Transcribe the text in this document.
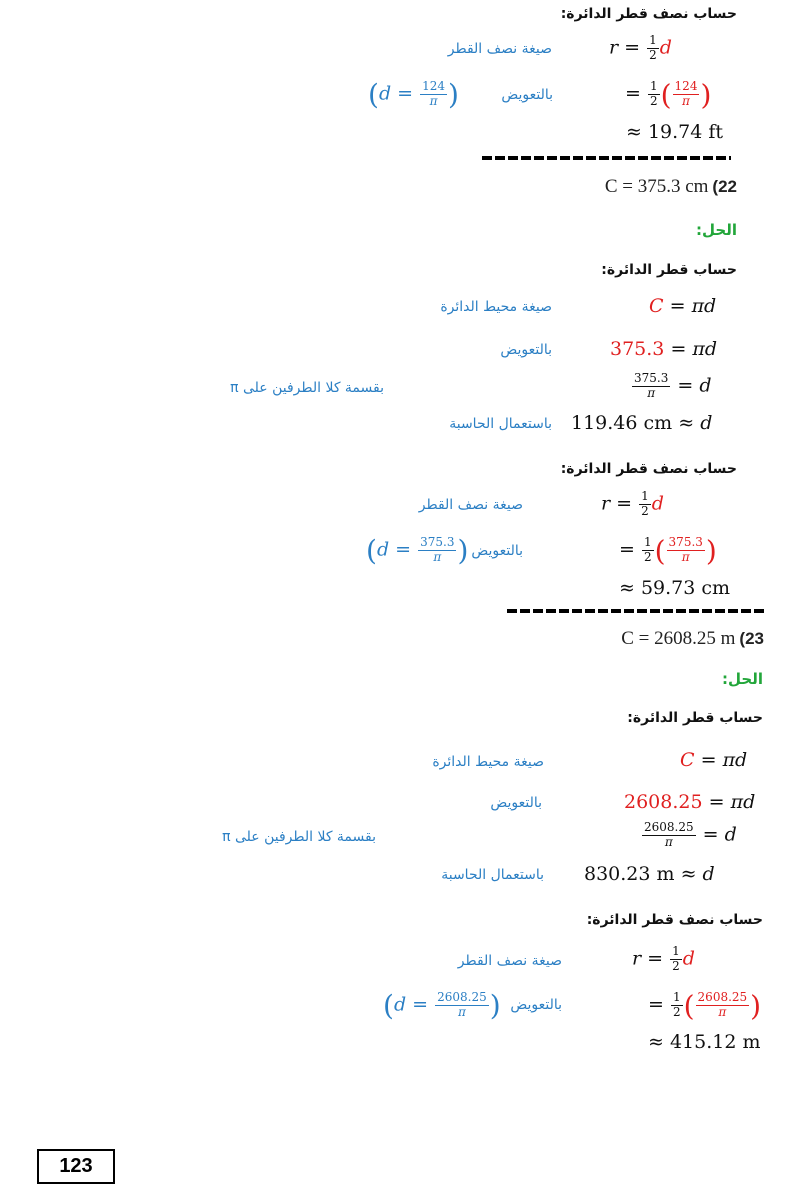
حساب نصف قطر الدائرة:
صيغة نصف القطر	$r = \frac{1}{2}$ d
($d = \frac{124}{\pi}$ )	بالتعويض	= $\frac{1}{2}$ ( $\frac{124}{\pi}$ )
≈ 19.74 ft
C = 375.3 cm (22
الحل:
حساب قطر الدائرة:
صيغة محيط الدائرة	C = πd
بالتعويض	375.3 = πd
بقسمة كلا الطرفين على π	$\frac{375.3}{\pi} = d$
باستعمال الحاسبة 119.46 cm ≈ d
حساب نصف قطر الدائرة:
صيغة نصف القطر	$r = \frac{1}{2}$ d
($d = \frac{375.3}{\pi}$ ) بالتعويض	= $\frac{1}{2}$ ( $\frac{375.3}{\pi}$ )
≈ 59.73 cm
C = 2608.25 m (23
الحل:
حساب قطر الدائرة:
صيغة محيط الدائرة	C = πd
بالتعويض	2608.25 = πd
بقسمة كلا الطرفين على π	$\frac{2608.25}{\pi} = d$
باستعمال الحاسبة 830.23 m ≈ d
حساب نصف قطر الدائرة:
صيغة نصف القطر	$r = \frac{1}{2}$ d
($d = \frac{2608.25}{\pi}$ ) بالتعويض	= $\frac{1}{2}$ ( $\frac{2608.25}{\pi}$ )
≈ 415.12 m
123
